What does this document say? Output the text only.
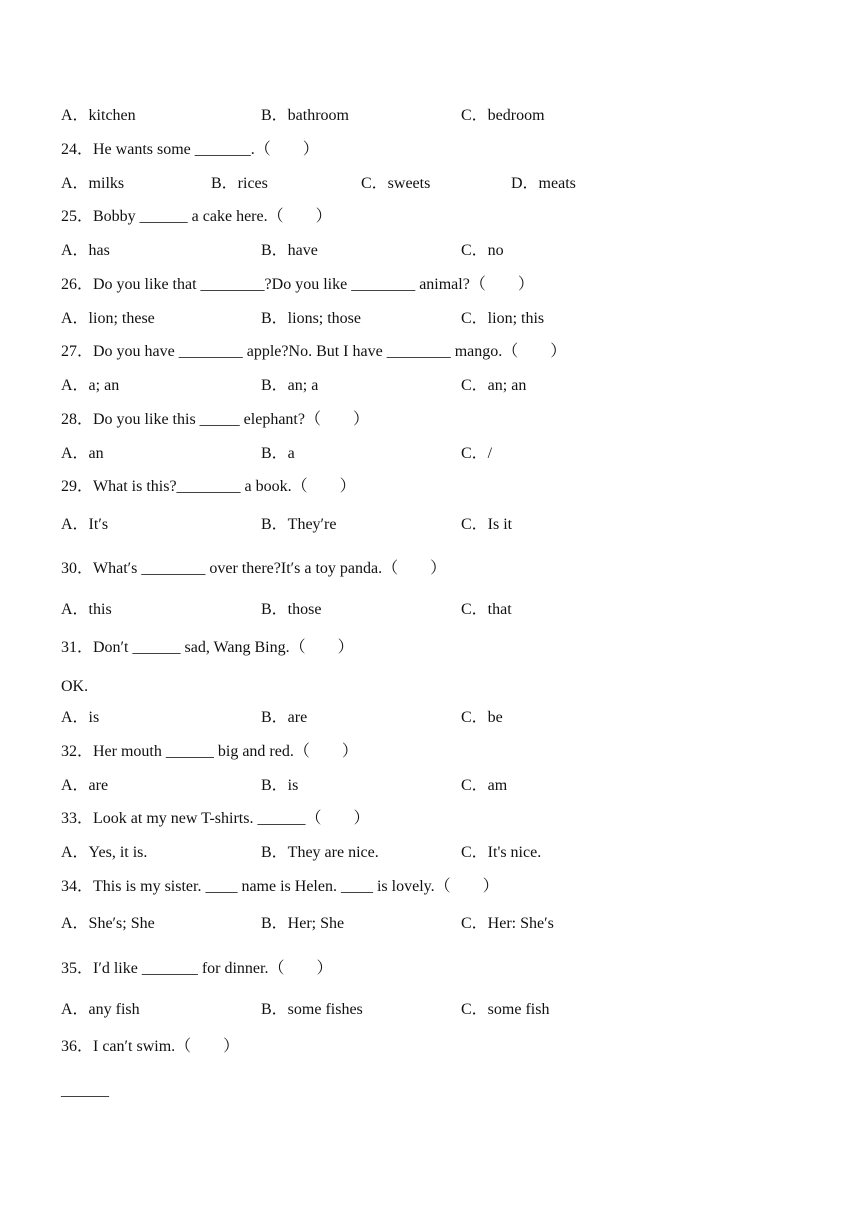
A．kitchen	B．bathroom	C．bedroom
24．He wants some _______.（　　）
A．milks	B．rices	C．sweets	D．meats
25．Bobby ______ a cake here.（　　）
A．has	B．have	C．no
26．Do you like that ________?Do you like ________ animal?（　　）
A．lion; these	B．lions; those	C．lion; this
27．Do you have ________ apple?No. But I have ________ mango.（　　）
A．a; an	B．an; a	C．an; an
28．Do you like this _____ elephant?（　　）
A．an	B．a	C．/
29．What is this?________ a book.（　　）
A．It′s	B．They′re	C．Is it
30．What′s ________ over there?It′s a toy panda.（　　）
A．this	B．those	C．that
31．Don′t ______ sad, Wang Bing.（　　）
OK.
A．is	B．are	C．be
32．Her mouth ______ big and red.（　　）
A．are	B．is	C．am
33．Look at my new T-shirts. ______（　　）
A．Yes, it is.	B．They are nice.	C．It's nice.
34．This is my sister. ____ name is Helen. ____ is lovely.（　　）
A．She′s; She	B．Her; She	C．Her: She′s
35．I′d like _______ for dinner.（　　）
A．any fish	B．some fishes	C．some fish
36．I can′t swim.（　　）
______
